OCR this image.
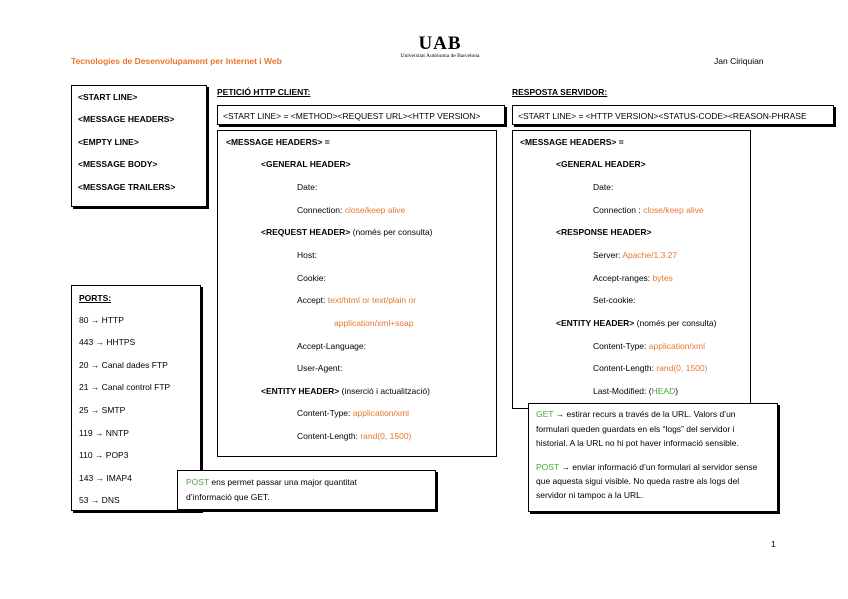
Tecnologies de Desenvolupament per Internet i Web
UAB
Universitat Autònoma de Barcelona	Jan Ciriquian
<START LINE>
<MESSAGE HEADERS>
<EMPTY LINE>
<MESSAGE BODY>
<MESSAGE TRAILERS>
PETICIÓ HTTP CLIENT:
<START LINE> = <METHOD><REQUEST URL><HTTP VERSION>
<MESSAGE HEADERS> =
<GENERAL HEADER>
Date:
Connection: close/keep alive
<REQUEST HEADER> (només per consulta)
Host:
Cookie:
Accept: text/html or text/plain or
application/xml+soap
Accept-Language:
User-Agent:
<ENTITY HEADER> (inserció i actualització)
Content-Type: application/xml
Content-Length: rand(0, 1500)
RESPOSTA SERVIDOR:
<START LINE> = <HTTP VERSION><STATUS-CODE><REASON-PHRASE
<MESSAGE HEADERS> =
<GENERAL HEADER>
Date:
Connection : close/keep alive
<RESPONSE HEADER>
Server: Apache/1.3.27
Accept-ranges: bytes
Set-cookie:
<ENTITY HEADER> (només per consulta)
Content-Type: application/xml
Content-Length: rand(0, 1500)
Last-Modified: (HEAD)
GET → estirar recurs a través de la URL. Valors d’un
formulari queden guardats en els “logs” del servidor i
historial. A la URL no hi pot haver informació sensible.
POST → enviar informació d’un formulari al servidor sense
que aquesta sigui visible. No queda rastre als logs del
servidor ni tampoc a la URL.
PORTS:
80 → HTTP
443 → HHTPS
20 → Canal dades FTP
21 → Canal control FTP
25 → SMTP
119 → NNTP
110 → POP3
143 → IMAP4
53 → DNS
POST ens permet passar una major quantitat
d’informació que GET.
1
